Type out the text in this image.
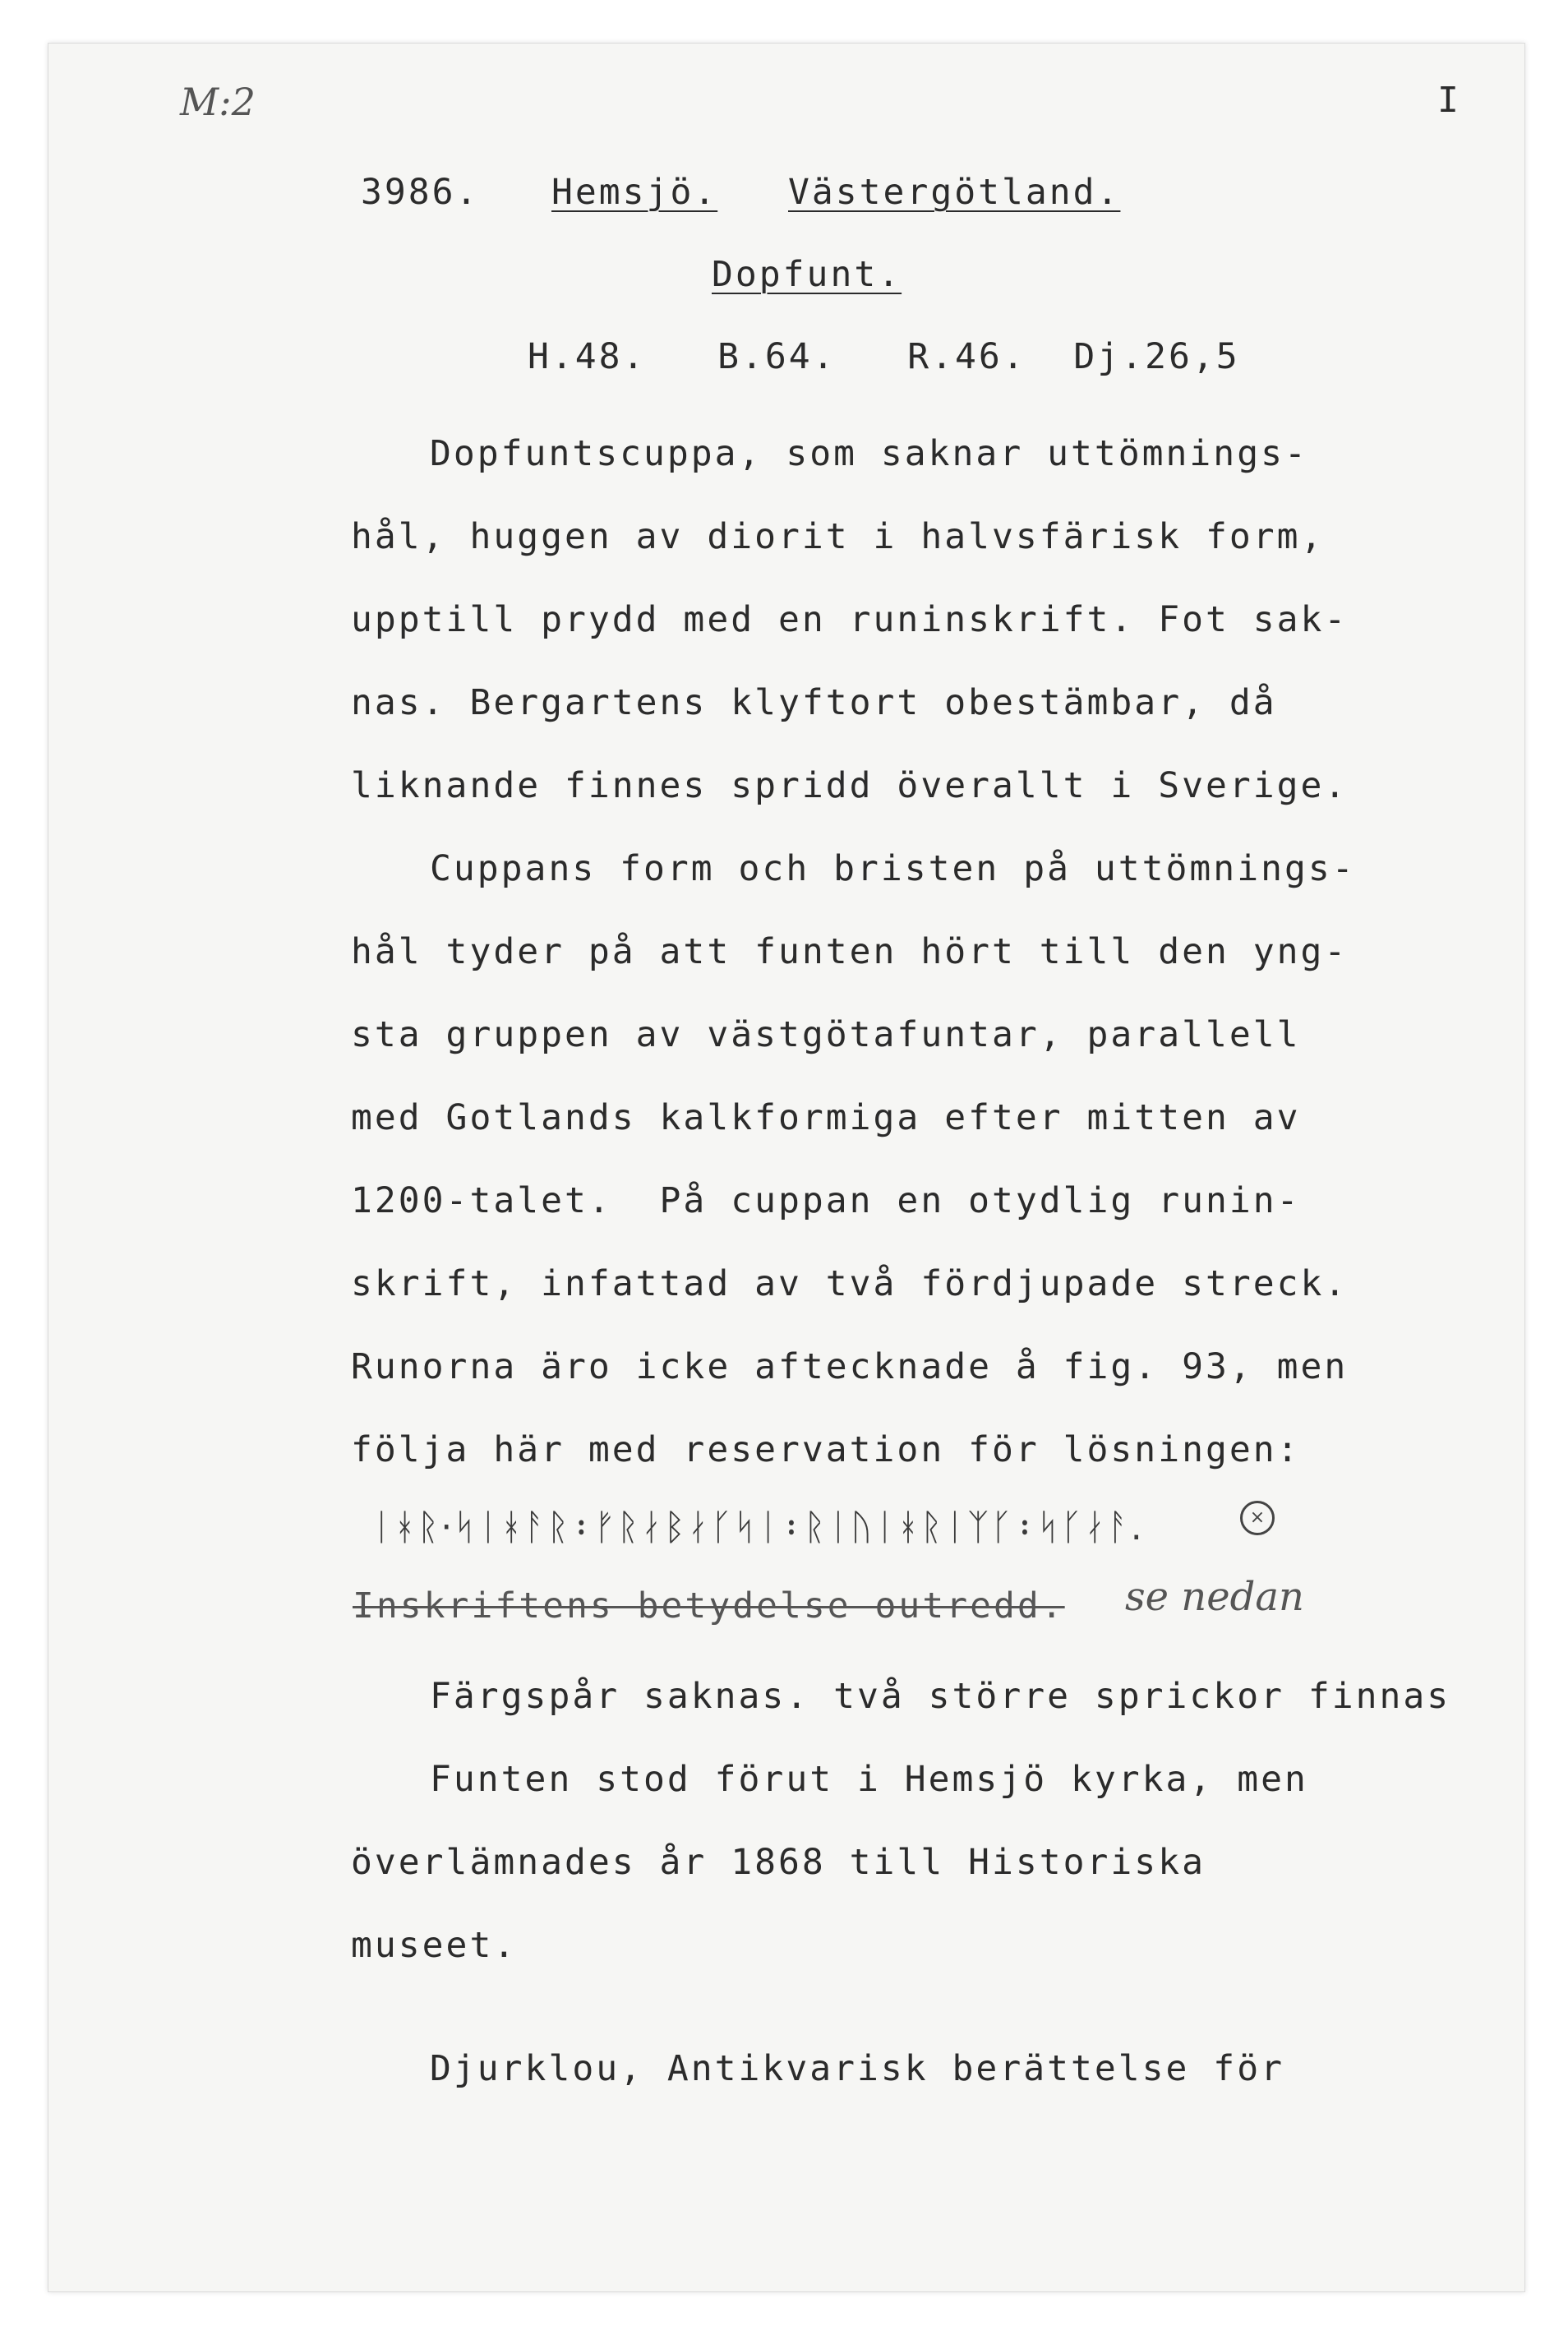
M:2	I
3986. Hemsjö. Västergötland.
Dopfunt.
H.48.   B.64.   R.46.  Dj.26,5
Dopfuntscuppa, som saknar uttömnings-
hål, huggen av diorit i halvsfärisk form,
upptill prydd med en runinskrift. Fot sak-
nas. Bergartens klyftort obestämbar, då
liknande finnes spridd överallt i Sverige.
Cuppans form och bristen på uttömnings-
hål tyder på att funten hört till den yng-
sta gruppen av västgötafuntar, parallell
med Gotlands kalkformiga efter mitten av
1200-talet.  På cuppan en otydlig runin-
skrift, infattad av två fördjupade streck.
Runorna äro icke aftecknade å fig. 93, men
följa här med reservation för lösningen:
ᛁᚼᚱ·ᛋᛁᚼᚨᚱ᛬ᚠᚱᛅᛒᛅᚴᛋᛁ᛬ᚱᛁᚢᛁᚼᚱᛁᛉᚴ᛬ᛋᚴᛅᚨ.	×
Inskriftens betydelse outredd. se nedan
Färgspår saknas. två större sprickor finnas
Funten stod förut i Hemsjö kyrka, men
överlämnades år 1868 till Historiska
museet.
Djurklou, Antikvarisk berättelse för
